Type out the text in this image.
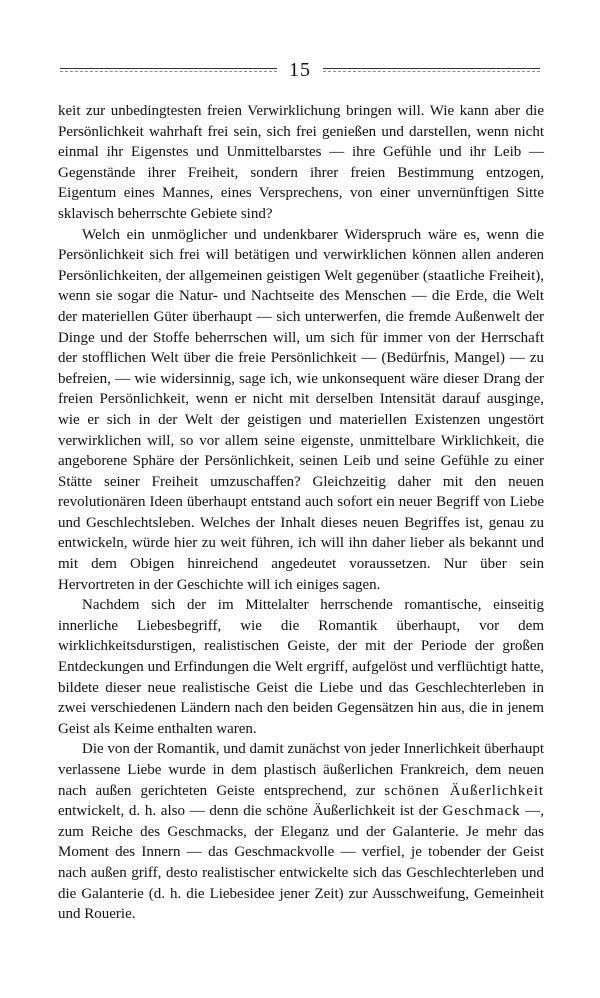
15

keit zur unbedingtesten freien Verwirklichung bringen will. Wie kann aber die Persönlichkeit wahrhaft frei sein, sich frei genießen und darstellen, wenn nicht einmal ihr Eigenstes und Unmittelbarstes — ihre Gefühle und ihr Leib — Gegenstände ihrer Freiheit, sondern ihrer freien Bestimmung entzogen, Eigentum eines Mannes, eines Versprechens, von einer unvernünftigen Sitte sklavisch beherrschte Gebiete sind?

Welch ein unmöglicher und undenkbarer Widerspruch wäre es, wenn die Persönlichkeit sich frei will betätigen und verwirklichen können allen anderen Persönlichkeiten, der allgemeinen geistigen Welt gegenüber (staatliche Freiheit), wenn sie sogar die Natur- und Nachtseite des Menschen — die Erde, die Welt der materiellen Güter überhaupt — sich unterwerfen, die fremde Außenwelt der Dinge und der Stoffe beherrschen will, um sich für immer von der Herrschaft der stofflichen Welt über die freie Persönlichkeit — (Bedürfnis, Mangel) — zu befreien, — wie widersinnig, sage ich, wie unkonsequent wäre dieser Drang der freien Persönlichkeit, wenn er nicht mit derselben Intensität darauf ausginge, wie er sich in der Welt der geistigen und materiellen Existenzen ungestört verwirklichen will, so vor allem seine eigenste, unmittelbare Wirklichkeit, die angeborene Sphäre der Persönlichkeit, seinen Leib und seine Gefühle zu einer Stätte seiner Freiheit umzuschaffen? Gleichzeitig daher mit den neuen revolutionären Ideen überhaupt entstand auch sofort ein neuer Begriff von Liebe und Geschlechtsleben. Welches der Inhalt dieses neuen Begriffes ist, genau zu entwickeln, würde hier zu weit führen, ich will ihn daher lieber als bekannt und mit dem Obigen hinreichend angedeutet voraussetzen. Nur über sein Hervortreten in der Geschichte will ich einiges sagen.

Nachdem sich der im Mittelalter herrschende romantische, einseitig innerliche Liebesbegriff, wie die Romantik überhaupt, vor dem wirklichkeitsdurstigen, realistischen Geiste, der mit der Periode der großen Entdeckungen und Erfindungen die Welt ergriff, aufgelöst und verflüchtigt hatte, bildete dieser neue realistische Geist die Liebe und das Geschlechterleben in zwei verschiedenen Ländern nach den beiden Gegensätzen hin aus, die in jenem Geist als Keime enthalten waren.

Die von der Romantik, und damit zunächst von jeder Innerlichkeit überhaupt verlassene Liebe wurde in dem plastisch äußerlichen Frankreich, dem neuen nach außen gerichteten Geiste entsprechend, zur schönen Äußerlichkeit entwickelt, d. h. also — denn die schöne Äußerlichkeit ist der Geschmack —, zum Reiche des Geschmacks, der Eleganz und der Galanterie. Je mehr das Moment des Innern — das Geschmackvolle — verfiel, je tobender der Geist nach außen griff, desto realistischer entwickelte sich das Geschlechterleben und die Galanterie (d. h. die Liebesidee jener Zeit) zur Ausschweifung, Gemeinheit und Rouerie.
